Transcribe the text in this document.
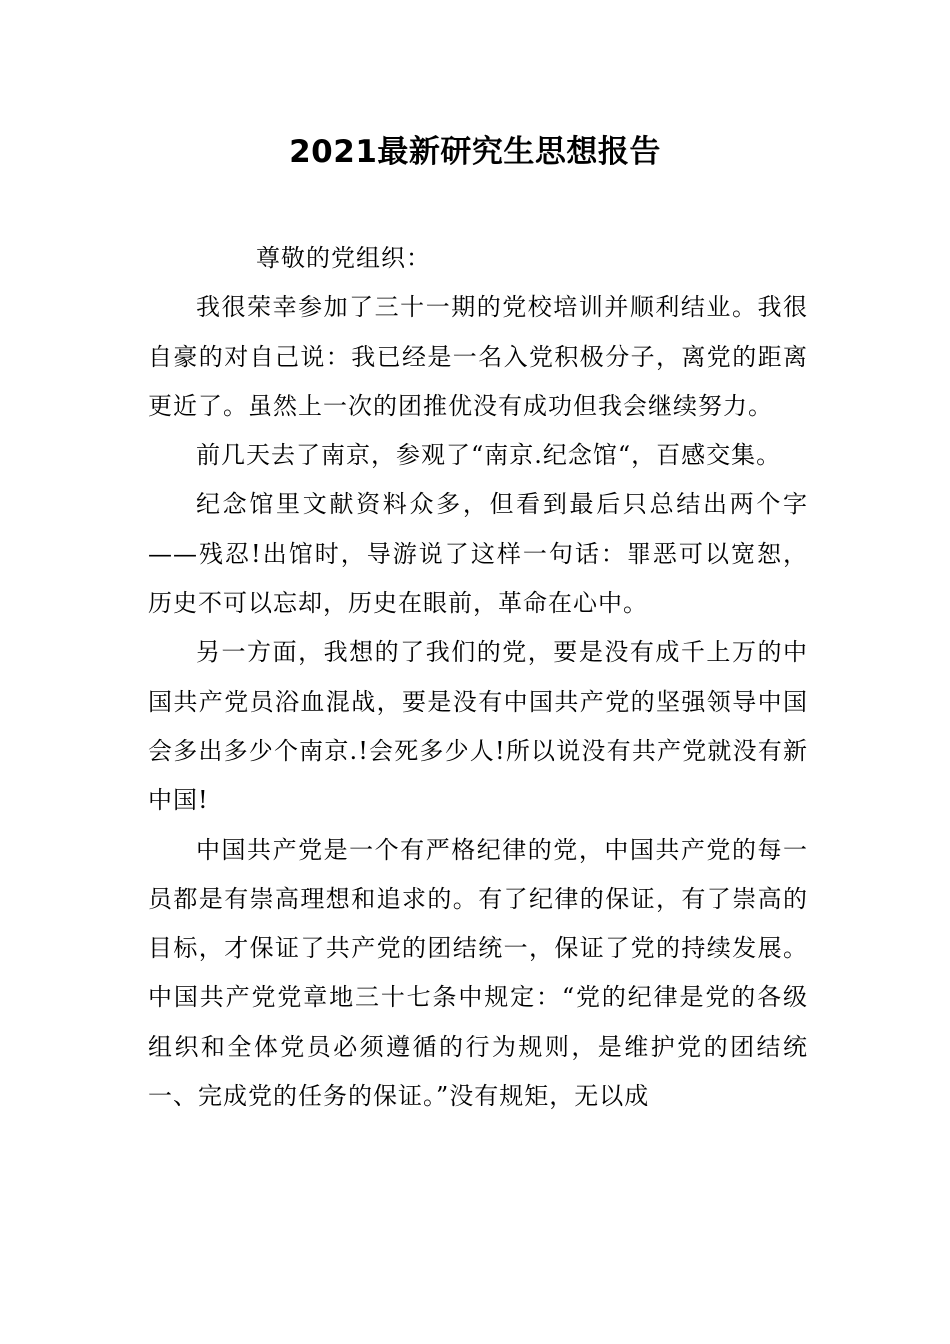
2021最新研究生思想报告

尊敬的党组织：

我很荣幸参加了三十一期的党校培训并顺利结业。我很自豪的对自己说：我已经是一名入党积极分子，离党的距离更近了。虽然上一次的团推优没有成功但我会继续努力。

前几天去了南京，参观了“南京.纪念馆“，百感交集。

纪念馆里文献资料众多，但看到最后只总结出两个字——残忍!出馆时，导游说了这样一句话：罪恶可以宽恕，历史不可以忘却，历史在眼前，革命在心中。

另一方面，我想的了我们的党，要是没有成千上万的中国共产党员浴血混战，要是没有中国共产党的坚强领导中国会多出多少个南京.!会死多少人!所以说没有共产党就没有新中国!

中国共产党是一个有严格纪律的党，中国共产党的每一员都是有崇高理想和追求的。有了纪律的保证，有了崇高的目标，才保证了共产党的团结统一，保证了党的持续发展。中国共产党党章地三十七条中规定：“党的纪律是党的各级组织和全体党员必须遵循的行为规则，是维护党的团结统一、完成党的任务的保证。”没有规矩，无以成
